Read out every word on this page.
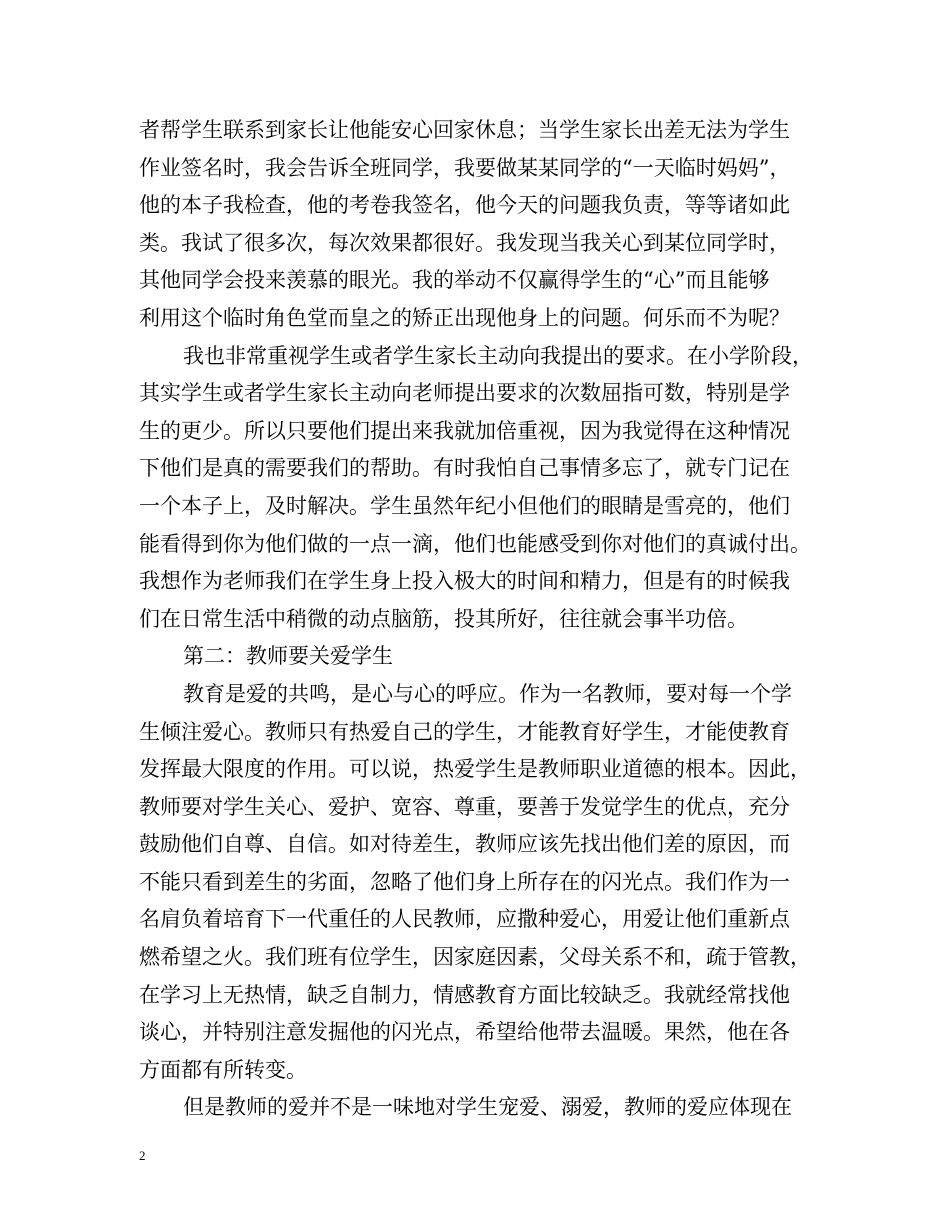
者帮学生联系到家长让他能安心回家休息；当学生家长出差无法为学生
作业签名时，我会告诉全班同学，我要做某某同学的“一天临时妈妈”，
他的本子我检查，他的考卷我签名，他今天的问题我负责，等等诸如此
类。我试了很多次，每次效果都很好。我发现当我关心到某位同学时，
其他同学会投来羡慕的眼光。我的举动不仅赢得学生的“心”而且能够
利用这个临时角色堂而皇之的矫正出现他身上的问题。何乐而不为呢？
我也非常重视学生或者学生家长主动向我提出的要求。在小学阶段，
其实学生或者学生家长主动向老师提出要求的次数屈指可数，特别是学
生的更少。所以只要他们提出来我就加倍重视，因为我觉得在这种情况
下他们是真的需要我们的帮助。有时我怕自己事情多忘了，就专门记在
一个本子上，及时解决。学生虽然年纪小但他们的眼睛是雪亮的，他们
能看得到你为他们做的一点一滴，他们也能感受到你对他们的真诚付出。
我想作为老师我们在学生身上投入极大的时间和精力，但是有的时候我
们在日常生活中稍微的动点脑筋，投其所好，往往就会事半功倍。
第二：教师要关爱学生
教育是爱的共鸣，是心与心的呼应。作为一名教师，要对每一个学
生倾注爱心。教师只有热爱自己的学生，才能教育好学生，才能使教育
发挥最大限度的作用。可以说，热爱学生是教师职业道德的根本。因此，
教师要对学生关心、爱护、宽容、尊重，要善于发觉学生的优点，充分
鼓励他们自尊、自信。如对待差生，教师应该先找出他们差的原因，而
不能只看到差生的劣面，忽略了他们身上所存在的闪光点。我们作为一
名肩负着培育下一代重任的人民教师，应撒种爱心，用爱让他们重新点
燃希望之火。我们班有位学生，因家庭因素，父母关系不和，疏于管教，
在学习上无热情，缺乏自制力，情感教育方面比较缺乏。我就经常找他
谈心，并特别注意发掘他的闪光点，希望给他带去温暖。果然，他在各
方面都有所转变。
但是教师的爱并不是一味地对学生宠爱、溺爱，教师的爱应体现在
2
